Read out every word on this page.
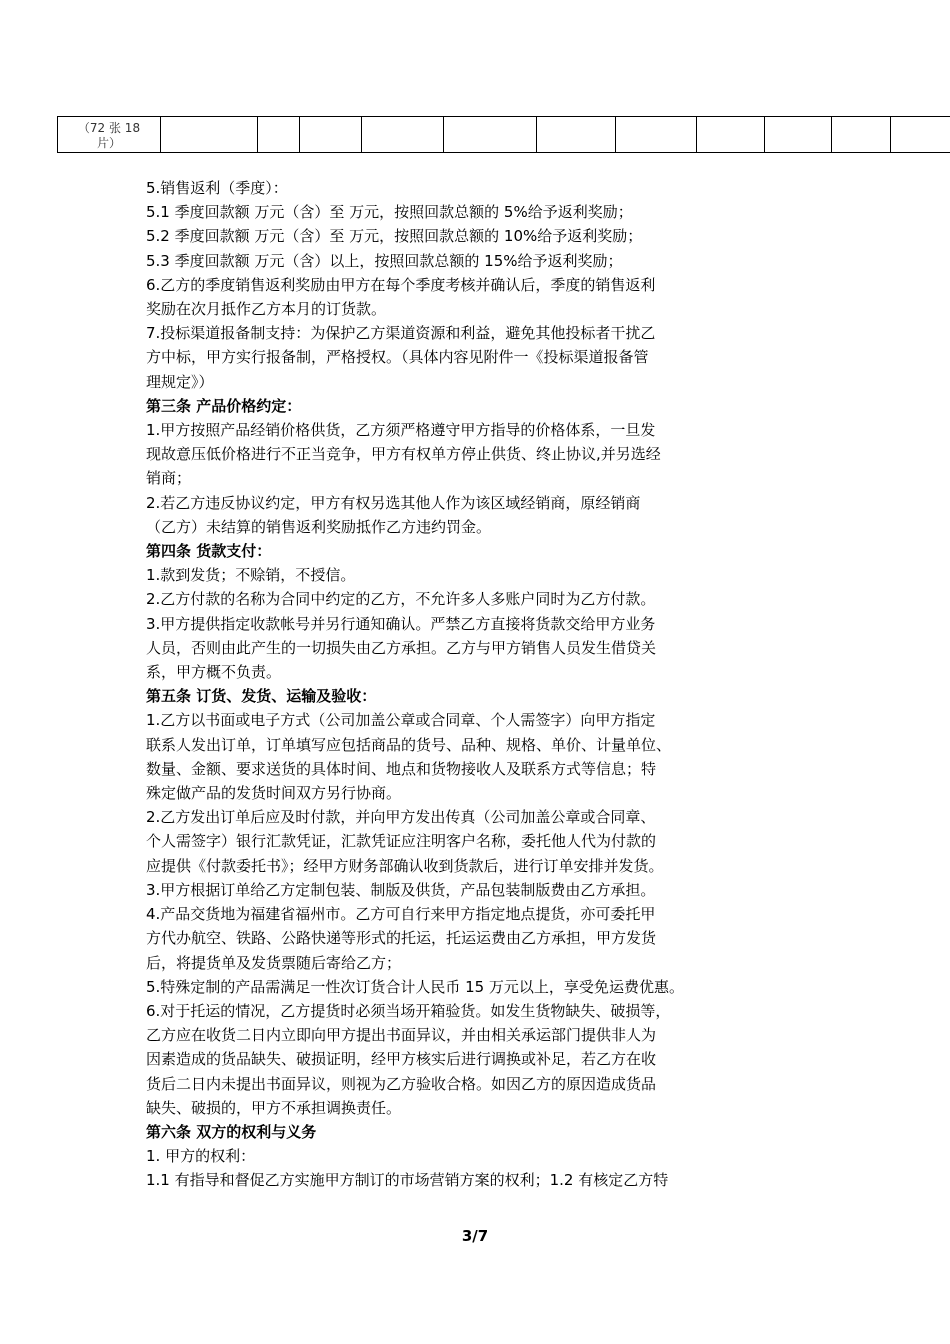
（72 张 18
片）

5.销售返利（季度）：

5.1 季度回款额 万元（含）至 万元，按照回款总额的 5%给予返利奖励；

5.2 季度回款额 万元（含）至 万元，按照回款总额的 10%给予返利奖励；

5.3 季度回款额 万元（含）以上，按照回款总额的 15%给予返利奖励；

6.乙方的季度销售返利奖励由甲方在每个季度考核并确认后，季度的销售返利

奖励在次月抵作乙方本月的订货款。

7.投标渠道报备制支持：为保护乙方渠道资源和利益，避免其他投标者干扰乙

方中标，甲方实行报备制，严格授权。（具体内容见附件一《投标渠道报备管

理规定》）

第三条 产品价格约定：

1.甲方按照产品经销价格供货，乙方须严格遵守甲方指导的价格体系，一旦发

现故意压低价格进行不正当竞争，甲方有权单方停止供货、终止协议,并另选经

销商；

2.若乙方违反协议约定，甲方有权另选其他人作为该区域经销商，原经销商

（乙方）未结算的销售返利奖励抵作乙方违约罚金。

第四条 货款支付：

1.款到发货；不赊销，不授信。

2.乙方付款的名称为合同中约定的乙方，不允许多人多账户同时为乙方付款。

3.甲方提供指定收款帐号并另行通知确认。严禁乙方直接将货款交给甲方业务

人员，否则由此产生的一切损失由乙方承担。乙方与甲方销售人员发生借贷关

系，甲方概不负责。

第五条 订货、发货、运输及验收：

1.乙方以书面或电子方式（公司加盖公章或合同章、个人需签字）向甲方指定

联系人发出订单，订单填写应包括商品的货号、品种、规格、单价、计量单位、

数量、金额、要求送货的具体时间、地点和货物接收人及联系方式等信息；特

殊定做产品的发货时间双方另行协商。

2.乙方发出订单后应及时付款，并向甲方发出传真（公司加盖公章或合同章、

个人需签字）银行汇款凭证，汇款凭证应注明客户名称，委托他人代为付款的

应提供《付款委托书》；经甲方财务部确认收到货款后，进行订单安排并发货。

3.甲方根据订单给乙方定制包装、制版及供货，产品包装制版费由乙方承担。

4.产品交货地为福建省福州市。乙方可自行来甲方指定地点提货，亦可委托甲

方代办航空、铁路、公路快递等形式的托运，托运运费由乙方承担，甲方发货

后，将提货单及发货票随后寄给乙方；

5.特殊定制的产品需满足一性次订货合计人民币 15 万元以上，享受免运费优惠。

6.对于托运的情况，乙方提货时必须当场开箱验货。如发生货物缺失、破损等，

乙方应在收货二日内立即向甲方提出书面异议，并由相关承运部门提供非人为

因素造成的货品缺失、破损证明，经甲方核实后进行调换或补足，若乙方在收

货后二日内未提出书面异议，则视为乙方验收合格。如因乙方的原因造成货品

缺失、破损的，甲方不承担调换责任。

第六条 双方的权利与义务

1. 甲方的权利：

1.1 有指导和督促乙方实施甲方制订的市场营销方案的权利；1.2 有核定乙方特

3/7
